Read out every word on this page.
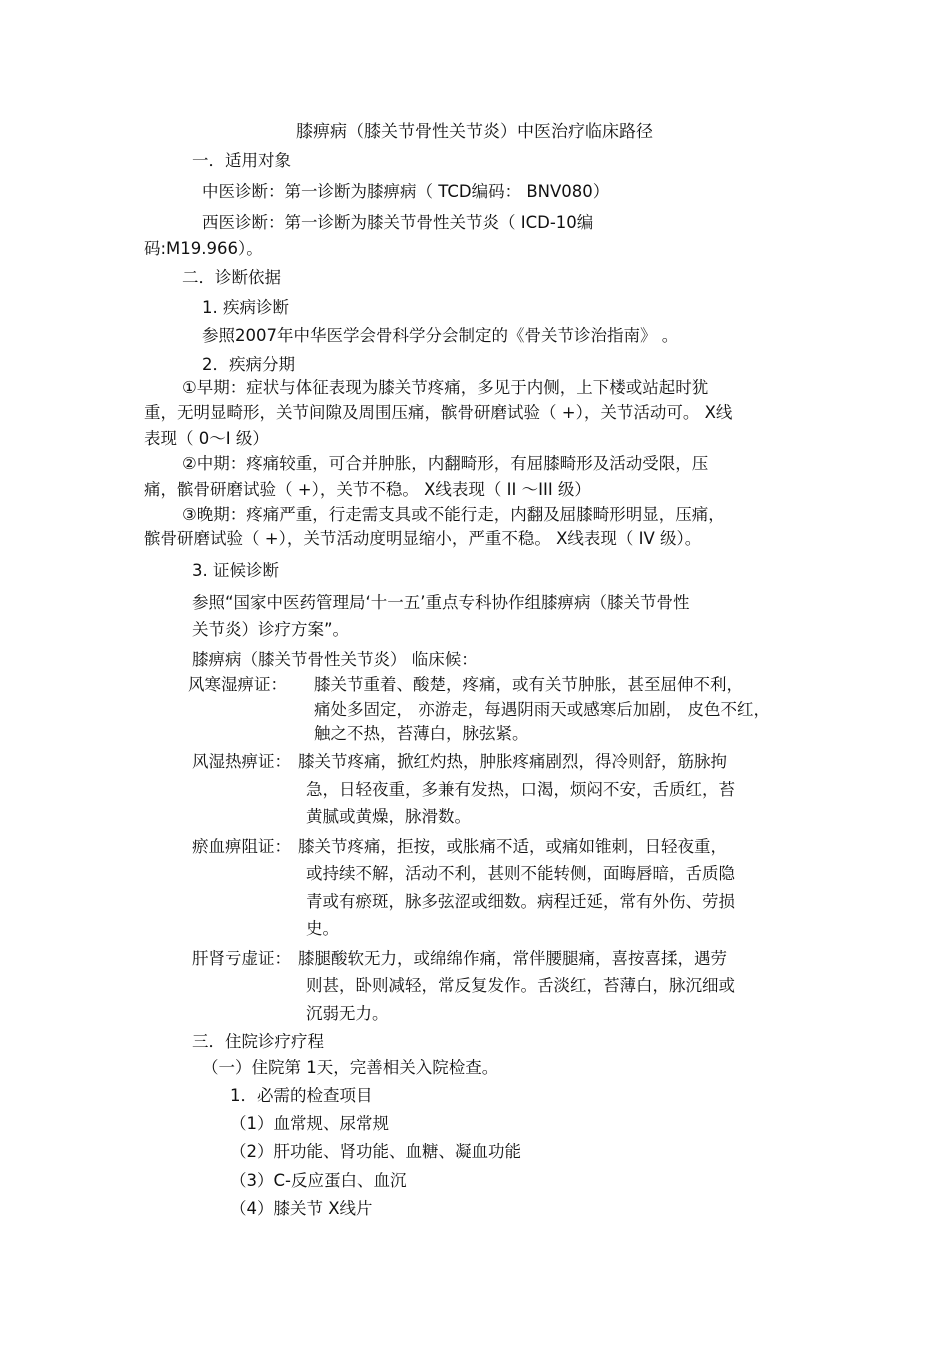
膝痹病（膝关节骨性关节炎）中医治疗临床路径

一．适用对象

中医诊断：第一诊断为膝痹病（ TCD编码： BNV080）

西医诊断：第一诊断为膝关节骨性关节炎（ ICD-10编

码:M19.966）。

二．诊断依据

1. 疾病诊断

参照2007年中华医学会骨科学分会制定的《骨关节诊治指南》 。

2．疾病分期

①早期：症状与体征表现为膝关节疼痛，多见于内侧，上下楼或站起时犹

重，无明显畸形，关节间隙及周围压痛，髌骨研磨试验（ +），关节活动可。 X线

表现（ 0～I 级）

②中期：疼痛较重，可合并肿胀，内翻畸形，有屈膝畸形及活动受限，压

痛，髌骨研磨试验（ +），关节不稳。 X线表现（ II ～III 级）

③晚期：疼痛严重，行走需支具或不能行走，内翻及屈膝畸形明显，压痛，

髌骨研磨试验（ +），关节活动度明显缩小，严重不稳。 X线表现（ IV 级）。

3. 证候诊断

参照“国家中医药管理局‘十一五’重点专科协作组膝痹病（膝关节骨性

关节炎）诊疗方案”。

膝痹病（膝关节骨性关节炎） 临床候：

风寒湿痹证： 膝关节重着、酸楚，疼痛，或有关节肿胀，甚至屈伸不利，

痛处多固定， 亦游走，每遇阴雨天或感寒后加剧， 皮色不红，

触之不热，苔薄白，脉弦紧。

风湿热痹证： 膝关节疼痛，掀红灼热，肿胀疼痛剧烈，得冷则舒，筋脉拘

急，日轻夜重，多兼有发热，口渴，烦闷不安，舌质红，苔

黄腻或黄燥，脉滑数。

瘀血痹阻证： 膝关节疼痛，拒按，或胀痛不适，或痛如锥刺，日轻夜重，

或持续不解，活动不利，甚则不能转侧，面晦唇暗，舌质隐

青或有瘀斑，脉多弦涩或细数。病程迁延，常有外伤、劳损

史。

肝肾亏虚证： 膝腿酸软无力，或绵绵作痛，常伴腰腿痛，喜按喜揉，遇劳

则甚，卧则减轻，常反复发作。舌淡红，苔薄白，脉沉细或

沉弱无力。

三．住院诊疗疗程

（一）住院第 1天，完善相关入院检查。

1．必需的检查项目

（1）血常规、尿常规

（2）肝功能、肾功能、血糖、凝血功能

（3）C-反应蛋白、血沉

（4）膝关节 X线片
